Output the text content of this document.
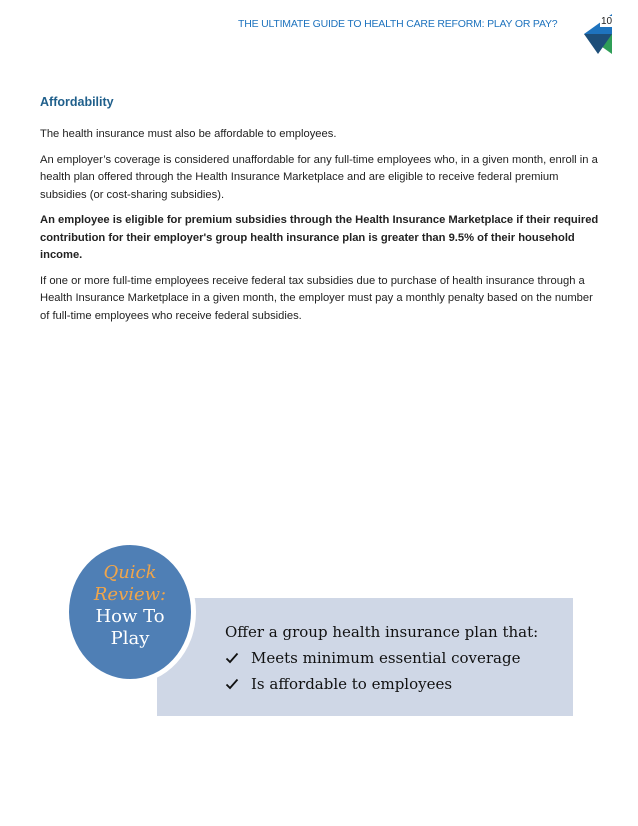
THE ULTIMATE GUIDE TO HEALTH CARE REFORM: PLAY OR PAY?	10
Affordability

The health insurance must also be affordable to employees.

An employer’s coverage is considered unaffordable for any full-time employees who, in a given month, enroll in a health plan offered through the Health Insurance Marketplace and are eligible to receive federal premium subsidies (or cost-sharing subsidies).

An employee is eligible for premium subsidies through the Health Insurance Marketplace if their required contribution for their employer's group health insurance plan is greater than 9.5% of their household income.

If one or more full-time employees receive federal tax subsidies due to purchase of health insurance through a Health Insurance Marketplace in a given month, the employer must pay a monthly penalty based on the number of full-time employees who receive federal subsidies.

Quick
Review:
How To
Play	Offer a group health insurance plan that:
Meets minimum essential coverage
Is affordable to employees
